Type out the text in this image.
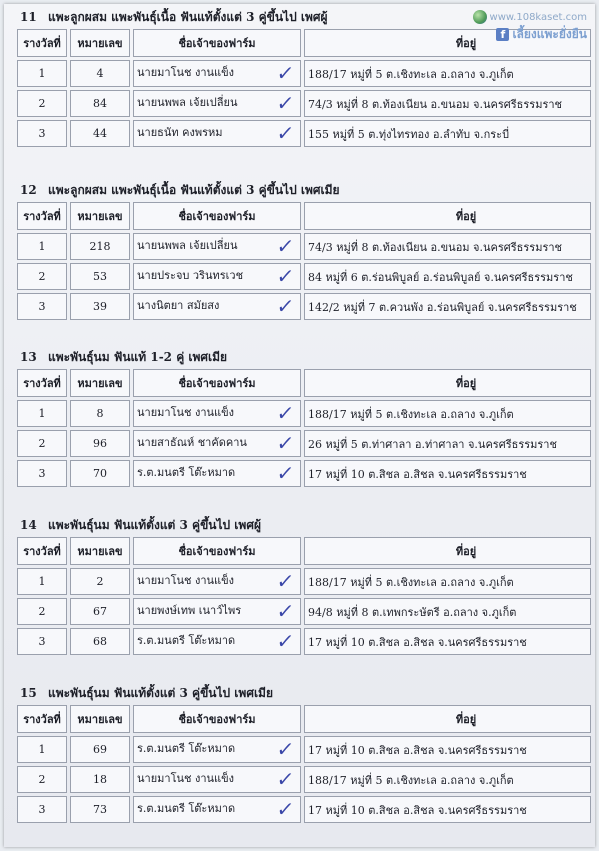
www.108kaset.com
f เลี้ยงแพะยั่งยืน
11 แพะลูกผสม แพะพันธุ์เนื้อ ฟันแท้ตั้งแต่ 3 คู่ขึ้นไป เพศผู้
รางวัลที่	หมายเลข	ชื่อเจ้าของฟาร์ม	ที่อยู่
1	4	นายมาโนช งานแข็ง ✓	188/17 หมู่ที่ 5 ต.เชิงทะเล อ.ถลาง จ.ภูเก็ต
2	84	นายนพพล เจ้ยเปลี่ยน ✓	74/3 หมู่ที่ 8 ต.ท้องเนียน อ.ขนอม จ.นครศรีธรรมราช
3	44	นายธนัท คงพรหม ✓	155 หมู่ที่ 5 ต.ทุ่งไทรทอง อ.ลำทับ จ.กระบี่
12 แพะลูกผสม แพะพันธุ์เนื้อ ฟันแท้ตั้งแต่ 3 คู่ขึ้นไป เพศเมีย
รางวัลที่	หมายเลข	ชื่อเจ้าของฟาร์ม	ที่อยู่
1	218	นายนพพล เจ้ยเปลี่ยน ✓	74/3 หมู่ที่ 8 ต.ท้องเนียน อ.ขนอม จ.นครศรีธรรมราช
2	53	นายประจบ วรินทรเวช ✓	84 หมู่ที่ 6 ต.ร่อนพิบูลย์ อ.ร่อนพิบูลย์ จ.นครศรีธรรมราช
3	39	นางนิตยา สมัยสง ✓	142/2 หมู่ที่ 7 ต.ควนพัง อ.ร่อนพิบูลย์ จ.นครศรีธรรมราช
13 แพะพันธุ์นม ฟันแท้ 1-2 คู่ เพศเมีย
รางวัลที่	หมายเลข	ชื่อเจ้าของฟาร์ม	ที่อยู่
1	8	นายมาโนช งานแข็ง ✓	188/17 หมู่ที่ 5 ต.เชิงทะเล อ.ถลาง จ.ภูเก็ต
2	96	นายสาธัณห์ ชาคัดคาน ✓	26 หมู่ที่ 5 ต.ท่าศาลา อ.ท่าศาลา จ.นครศรีธรรมราช
3	70	ร.ต.มนตรี โต๊ะหมาด ✓	17 หมู่ที่ 10 ต.สิชล อ.สิชล จ.นครศรีธรรมราช
14 แพะพันธุ์นม ฟันแท้ตั้งแต่ 3 คู่ขึ้นไป เพศผู้
รางวัลที่	หมายเลข	ชื่อเจ้าของฟาร์ม	ที่อยู่
1	2	นายมาโนช งานแข็ง ✓	188/17 หมู่ที่ 5 ต.เชิงทะเล อ.ถลาง จ.ภูเก็ต
2	67	นายพงษ์เทพ เนาว์ไพร ✓	94/8 หมู่ที่ 8 ต.เทพกระษัตรี อ.ถลาง จ.ภูเก็ต
3	68	ร.ต.มนตรี โต๊ะหมาด ✓	17 หมู่ที่ 10 ต.สิชล อ.สิชล จ.นครศรีธรรมราช
15 แพะพันธุ์นม ฟันแท้ตั้งแต่ 3 คู่ขึ้นไป เพศเมีย
รางวัลที่	หมายเลข	ชื่อเจ้าของฟาร์ม	ที่อยู่
1	69	ร.ต.มนตรี โต๊ะหมาด ✓	17 หมู่ที่ 10 ต.สิชล อ.สิชล จ.นครศรีธรรมราช
2	18	นายมาโนช งานแข็ง ✓	188/17 หมู่ที่ 5 ต.เชิงทะเล อ.ถลาง จ.ภูเก็ต
3	73	ร.ต.มนตรี โต๊ะหมาด ✓	17 หมู่ที่ 10 ต.สิชล อ.สิชล จ.นครศรีธรรมราช
